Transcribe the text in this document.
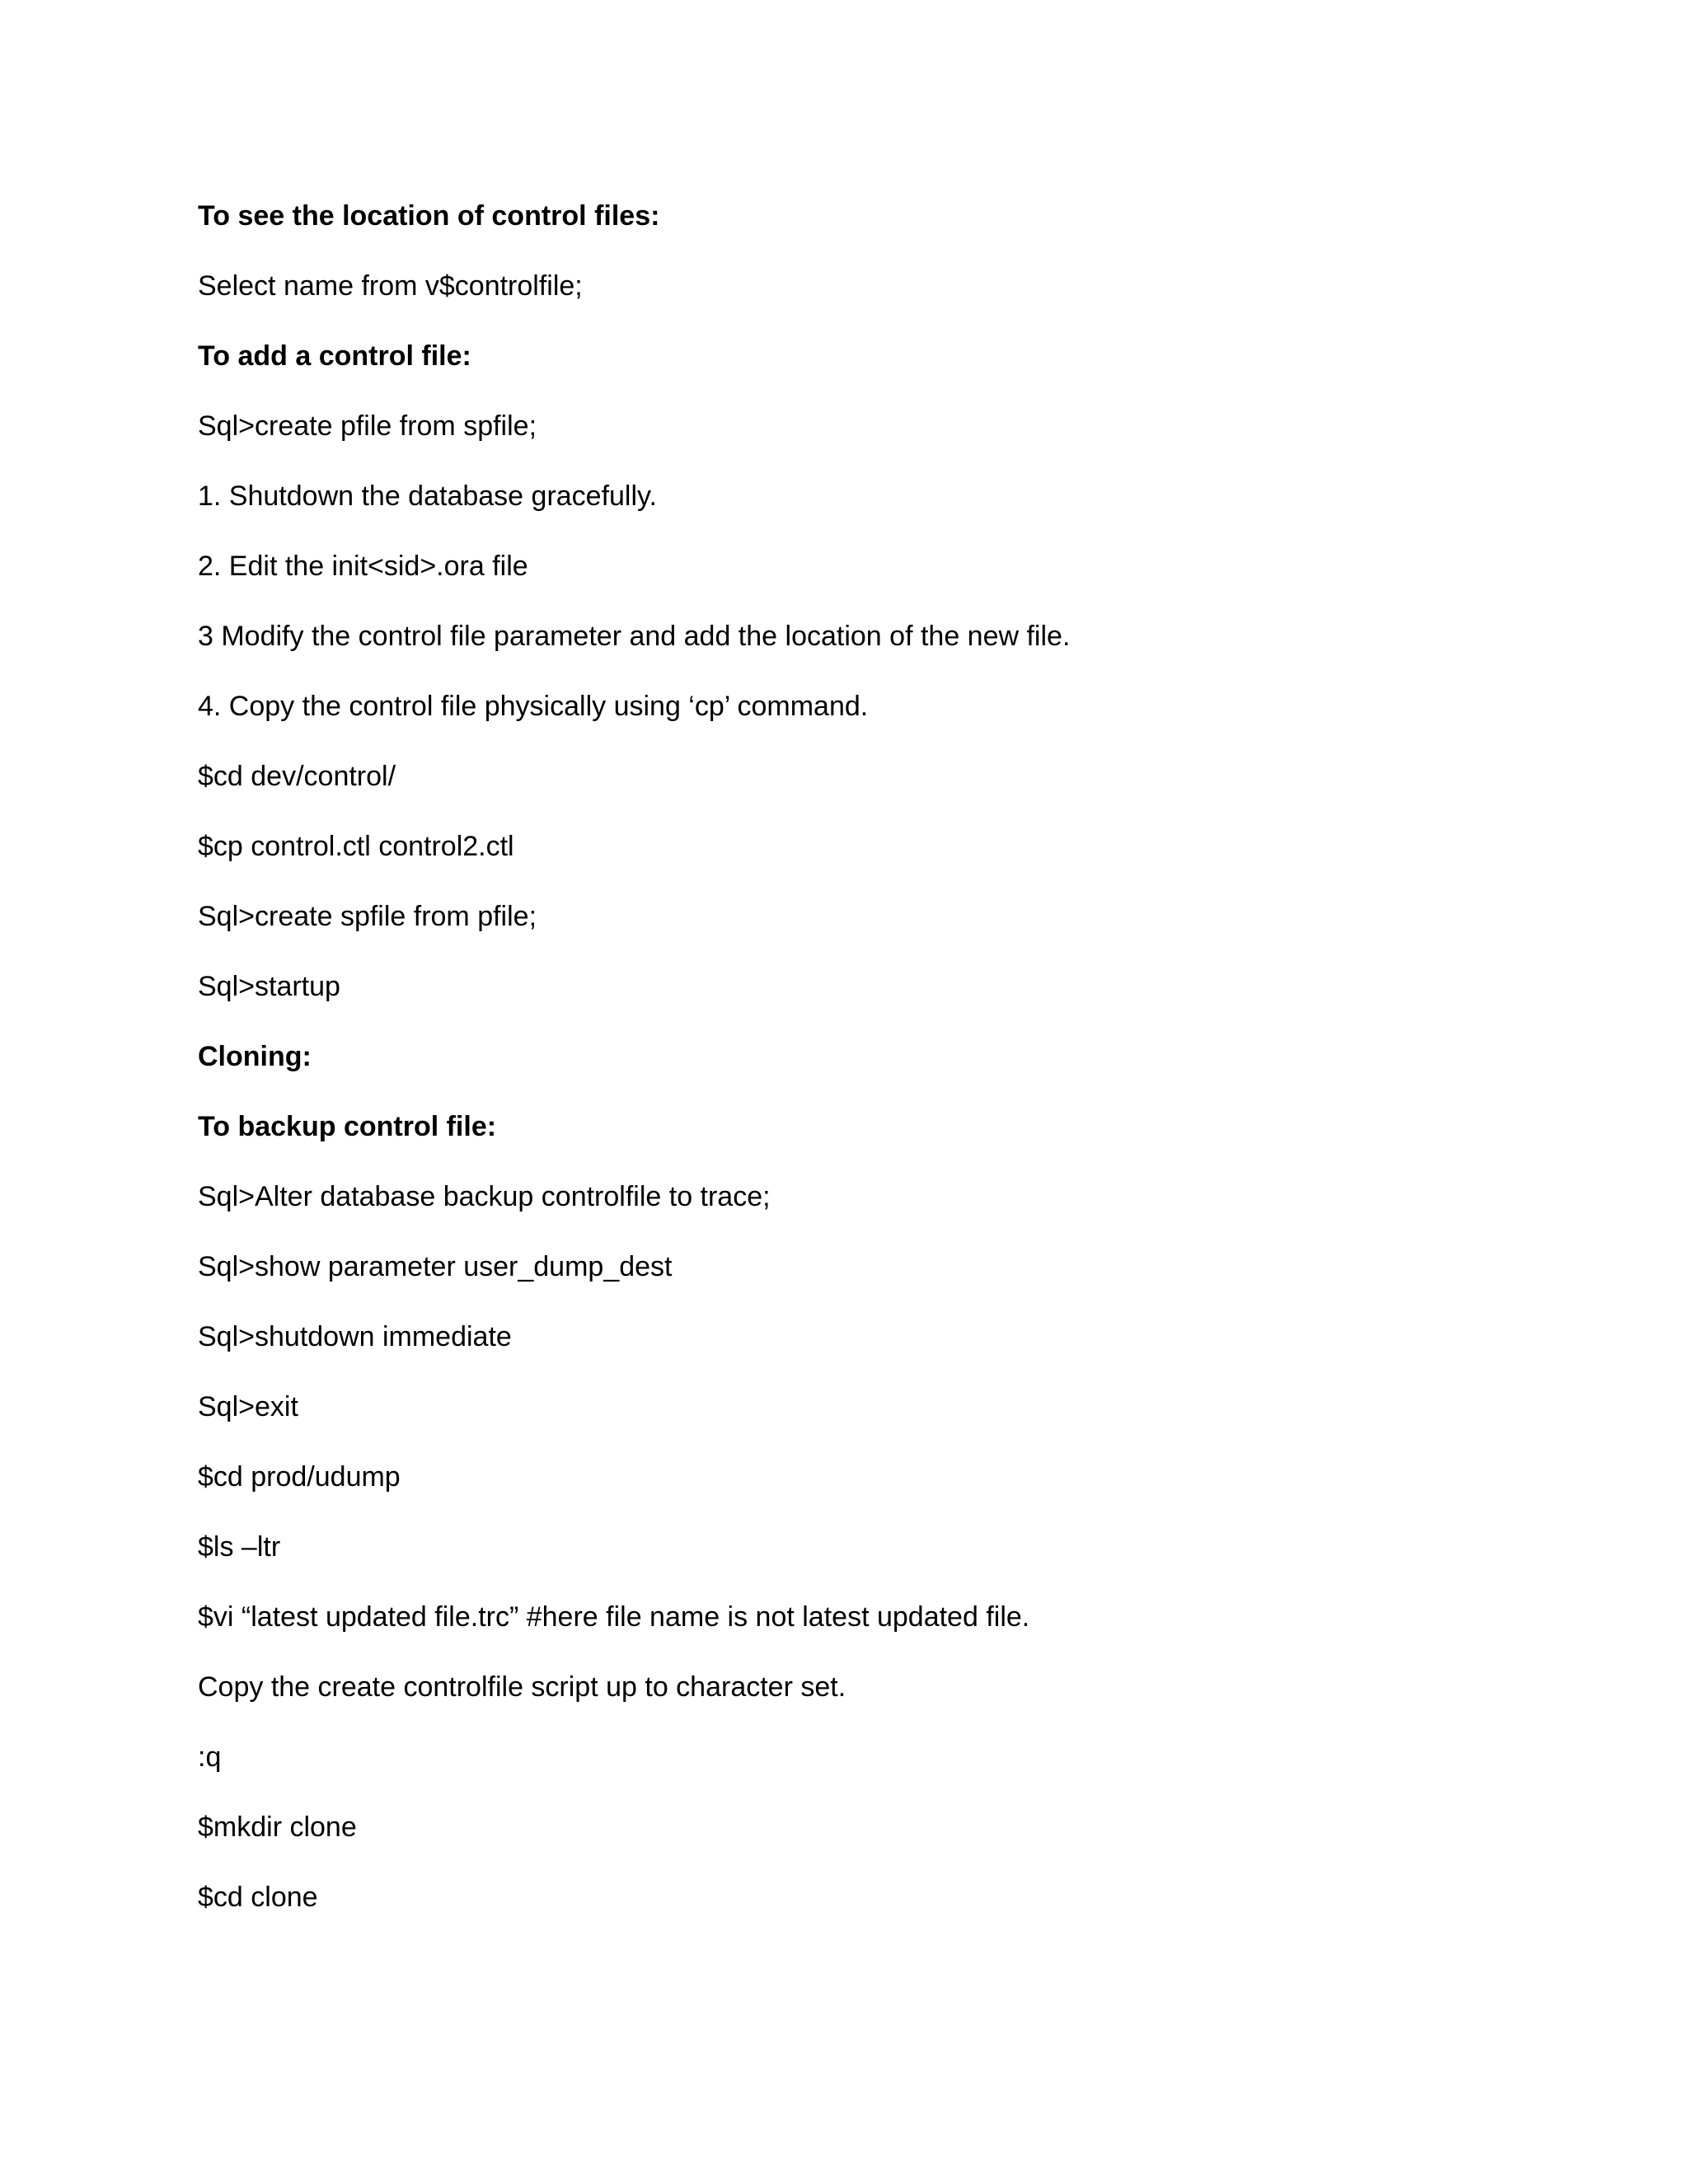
To see the location of control files:
Select name from v$controlfile;
To add a control file:
Sql>create pfile from spfile;
1. Shutdown the database gracefully.
2. Edit the init<sid>.ora file
3 Modify the control file parameter and add the location of the new file.
4. Copy the control file physically using ‘cp’ command.
$cd dev/control/
$cp control.ctl control2.ctl
Sql>create spfile from pfile;
Sql>startup
Cloning:
To backup control file:
Sql>Alter database backup controlfile to trace;
Sql>show parameter user_dump_dest
Sql>shutdown immediate
Sql>exit
$cd prod/udump
$ls –ltr
$vi “latest updated file.trc” #here file name is not latest updated file.
Copy the create controlfile script up to character set.
:q
$mkdir clone
$cd clone
